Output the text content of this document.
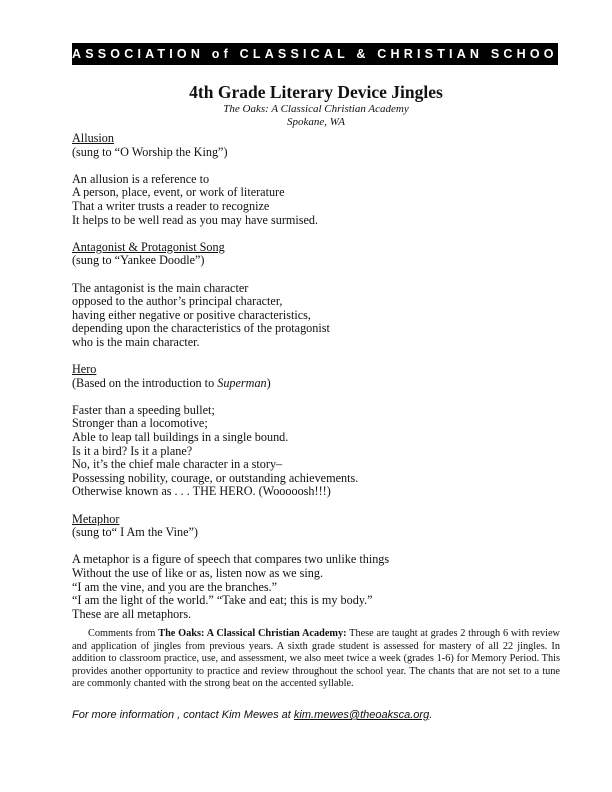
ASSOCIATION of CLASSICAL & CHRISTIAN SCHOOLS
4th Grade Literary Device Jingles
The Oaks: A Classical Christian Academy
Spokane, WA

Allusion

(sung to “O Worship the King”)

An allusion is a reference to

A person, place, event, or work of literature

That a writer trusts a reader to recognize

It helps to be well read as you may have surmised.

Antagonist & Protagonist Song

(sung to “Yankee Doodle”)

The antagonist is the main character

opposed to the author’s principal character,

having either negative or positive characteristics,

depending upon the characteristics of the protagonist

who is the main character.

Hero

(Based on the introduction to Superman)

Faster than a speeding bullet;

Stronger than a locomotive;

Able to leap tall buildings in a single bound.

Is it a bird? Is it a plane?

No, it’s the chief male character in a story–

Possessing nobility, courage, or outstanding achievements.

Otherwise known as . . . THE HERO. (Wooooosh!!!)

Metaphor

(sung to“ I Am the Vine”)

A metaphor is a figure of speech that compares two unlike things

Without the use of like or as, listen now as we sing.

“I am the vine, and you are the branches.”

“I am the light of the world.” “Take and eat; this is my body.”

These are all metaphors.

Comments from The Oaks: A Classical Christian Academy: These are taught at grades 2 through 6 with review and application of jingles from previous years. A sixth grade student is assessed for mastery of all 22 jingles. In addition to classroom practice, use, and assessment, we also meet twice a week (grades 1-6) for Memory Period. This provides another opportunity to practice and review throughout the school year. The chants that are not set to a tune are commonly chanted with the strong beat on the accented syllable.
For more information , contact Kim Mewes at kim.mewes@theoaksca.org.
